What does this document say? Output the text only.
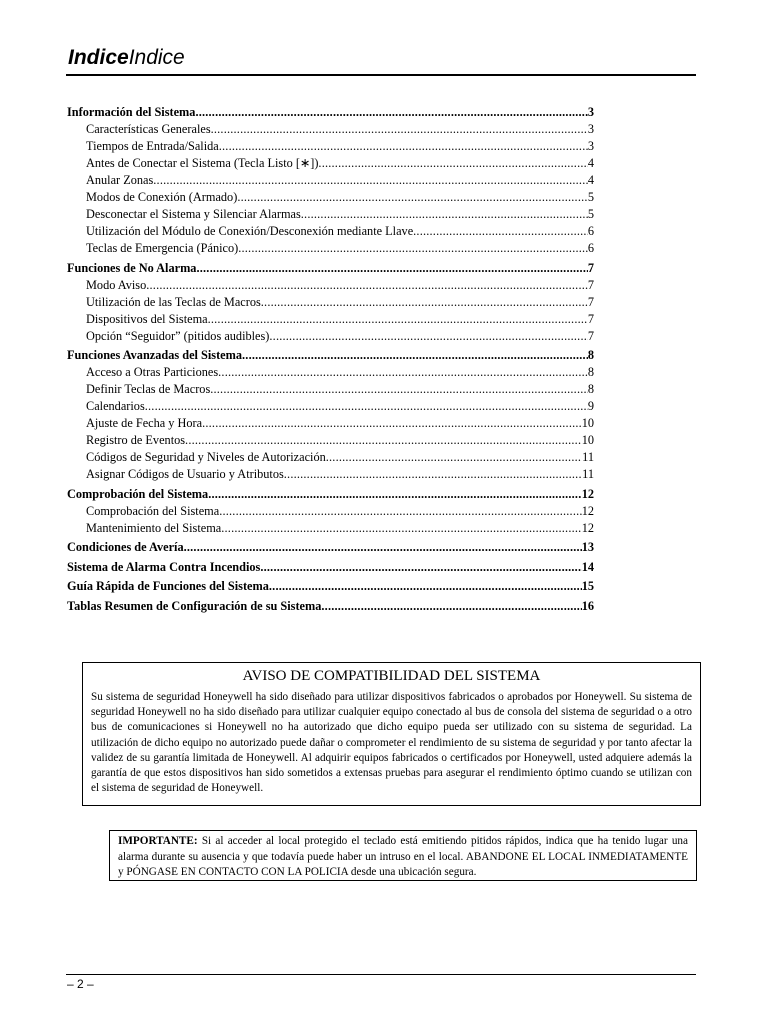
IndiceIndice
Información del Sistema .....	3
Características Generales .....	3
Tiempos de Entrada/Salida .....	3
Antes de Conectar el Sistema (Tecla Listo [∗]) .....	4
Anular Zonas .....	4
Modos de Conexión (Armado) .....	5
Desconectar el Sistema y Silenciar Alarmas .....	5
Utilización del Módulo de Conexión/Desconexión mediante Llave .....	6
Teclas de Emergencia (Pánico) .....	6
Funciones de No Alarma .....	7
Modo Aviso .....	7
Utilización de las Teclas de Macros .....	7
Dispositivos del Sistema .....	7
Opción “Seguidor” (pitidos audibles) .....	7
Funciones Avanzadas del Sistema .....	8
Acceso a Otras Particiones .....	8
Definir Teclas de Macros .....	8
Calendarios .....	9
Ajuste de Fecha y Hora .....	10
Registro de Eventos .....	10
Códigos de Seguridad y Niveles de Autorización .....	11
Asignar Códigos de Usuario y Atributos .....	11
Comprobación del Sistema .....	12
Comprobación del Sistema .....	12
Mantenimiento del Sistema .....	12
Condiciones de Avería .....	13
Sistema de Alarma Contra Incendios .....	14
Guía Rápida de Funciones del Sistema .....	15
Tablas Resumen de Configuración de su Sistema .....	16
AVISO DE COMPATIBILIDAD DEL SISTEMA
Su sistema de seguridad Honeywell ha sido diseñado para utilizar dispositivos fabricados o aprobados por Honeywell. Su sistema de seguridad Honeywell no ha sido diseñado para utilizar cualquier equipo conectado al bus de consola del sistema de seguridad o a otro bus de comunicaciones si Honeywell no ha autorizado que dicho equipo pueda ser utilizado con su sistema de seguridad. La utilización de dicho equipo no autorizado puede dañar o comprometer el rendimiento de su sistema de seguridad y por tanto afectar la validez de su garantía limitada de Honeywell. Al adquirir equipos fabricados o certificados por Honeywell, usted adquiere además la garantía de que estos dispositivos han sido sometidos a extensas pruebas para asegurar el rendimiento óptimo cuando se utilizan con el sistema de seguridad de Honeywell.
IMPORTANTE: Si al acceder al local protegido el teclado está emitiendo pitidos rápidos, indica que ha tenido lugar una alarma durante su ausencia y que todavía puede haber un intruso en el local. ABANDONE EL LOCAL INMEDIATAMENTE y PÓNGASE EN CONTACTO CON LA POLICIA desde una ubicación segura.
– 2 –
